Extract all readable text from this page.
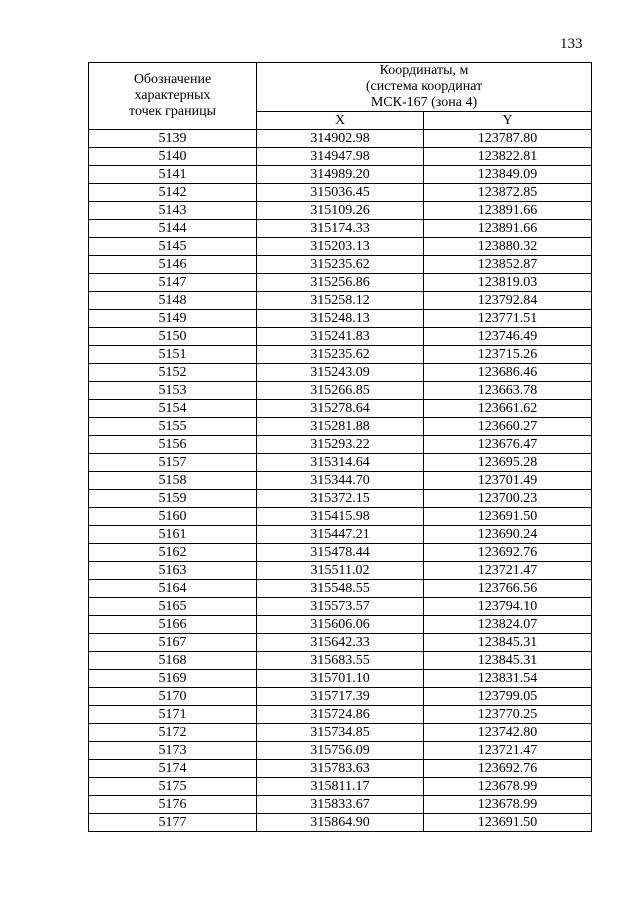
133
Обозначение
характерных
точек границы	Координаты, м
(система координат
МСК-167 (зона 4)	

	X	Y
5139	314902.98	123787.80
5140	314947.98	123822.81
5141	314989.20	123849.09
5142	315036.45	123872.85
5143	315109.26	123891.66
5144	315174.33	123891.66
5145	315203.13	123880.32
5146	315235.62	123852.87
5147	315256.86	123819.03
5148	315258.12	123792.84
5149	315248.13	123771.51
5150	315241.83	123746.49
5151	315235.62	123715.26
5152	315243.09	123686.46
5153	315266.85	123663.78
5154	315278.64	123661.62
5155	315281.88	123660.27
5156	315293.22	123676.47
5157	315314.64	123695.28
5158	315344.70	123701.49
5159	315372.15	123700.23
5160	315415.98	123691.50
5161	315447.21	123690.24
5162	315478.44	123692.76
5163	315511.02	123721.47
5164	315548.55	123766.56
5165	315573.57	123794.10
5166	315606.06	123824.07
5167	315642.33	123845.31
5168	315683.55	123845.31
5169	315701.10	123831.54
5170	315717.39	123799.05
5171	315724.86	123770.25
5172	315734.85	123742.80
5173	315756.09	123721.47
5174	315783.63	123692.76
5175	315811.17	123678.99
5176	315833.67	123678.99
5177	315864.90	123691.50
